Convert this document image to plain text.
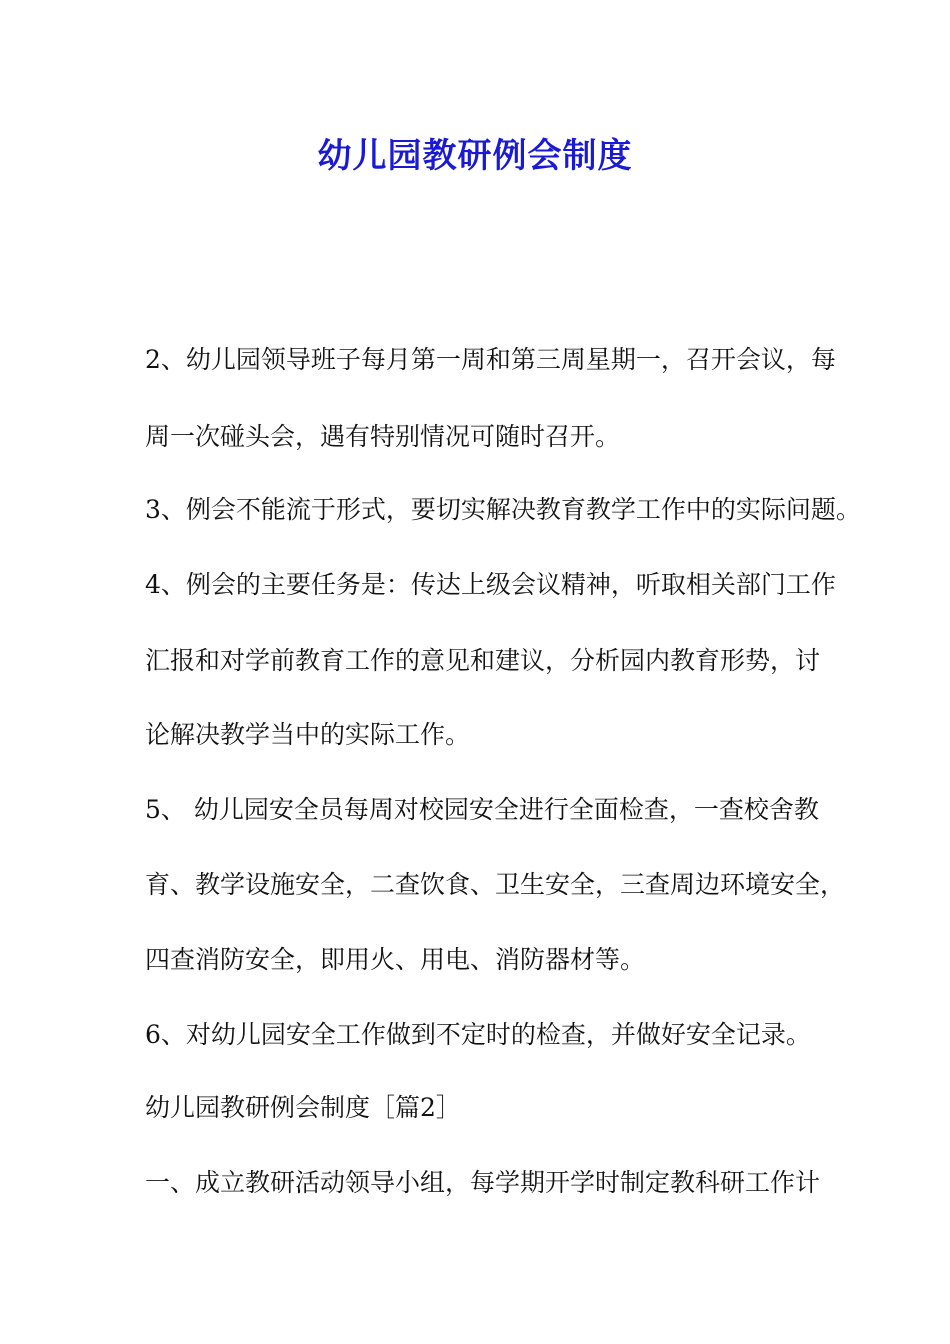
幼儿园教研例会制度

2、幼儿园领导班子每月第一周和第三周星期一，召开会议，每

周一次碰头会，遇有特别情况可随时召开。

3、例会不能流于形式，要切实解决教育教学工作中的实际问题。

4、例会的主要任务是：传达上级会议精神，听取相关部门工作

汇报和对学前教育工作的意见和建议，分析园内教育形势，讨

论解决教学当中的实际工作。

5、 幼儿园安全员每周对校园安全进行全面检查，一查校舍教

育、教学设施安全，二查饮食、卫生安全，三查周边环境安全，

四查消防安全，即用火、用电、消防器材等。

6、对幼儿园安全工作做到不定时的检查，并做好安全记录。

幼儿园教研例会制度［篇2］

一、成立教研活动领导小组，每学期开学时制定教科研工作计
